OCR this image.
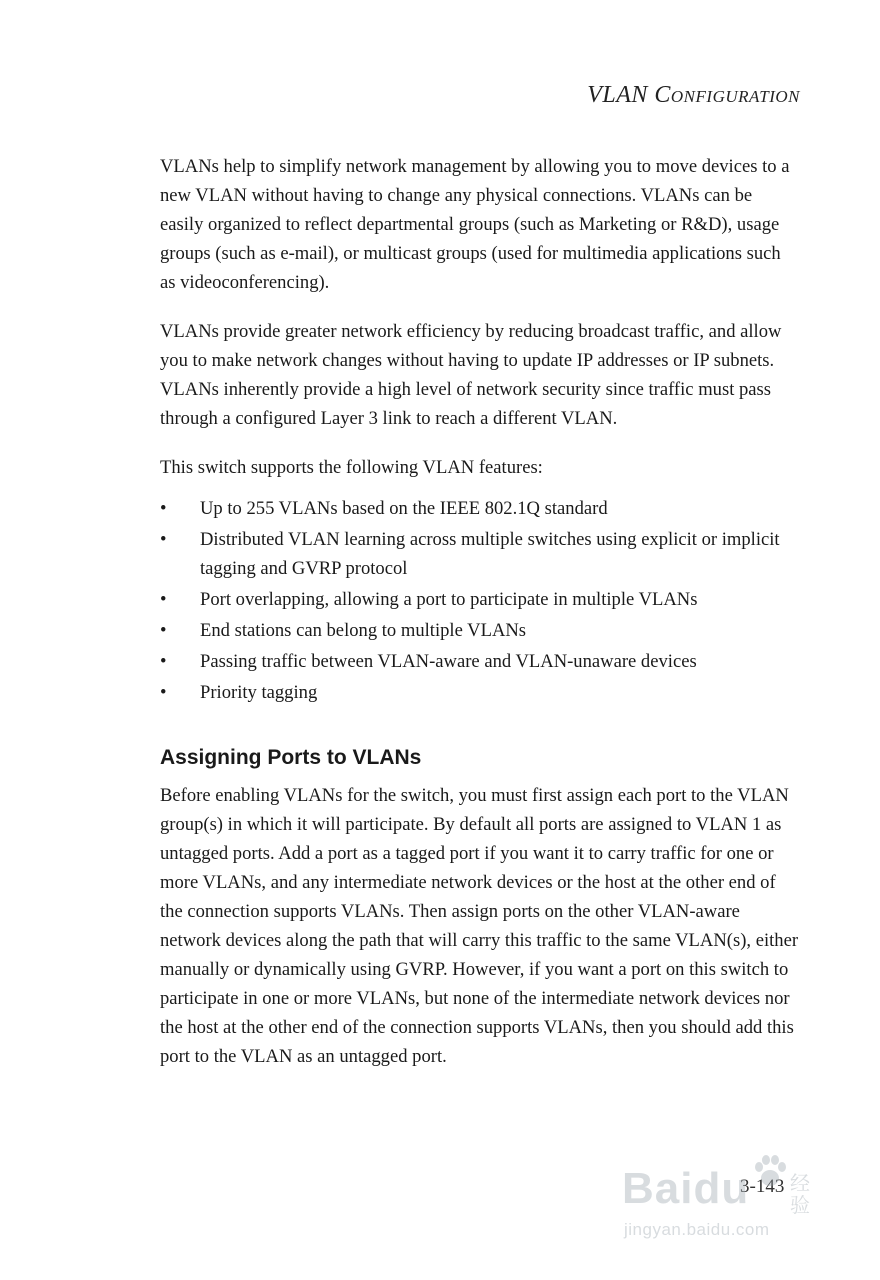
VLAN CONFIGURATION

VLANs help to simplify network management by allowing you to move devices to a new VLAN without having to change any physical connections. VLANs can be easily organized to reflect departmental groups (such as Marketing or R&D), usage groups (such as e-mail), or multicast groups (used for multimedia applications such as videoconferencing).

VLANs provide greater network efficiency by reducing broadcast traffic, and allow you to make network changes without having to update IP addresses or IP subnets. VLANs inherently provide a high level of network security since traffic must pass through a configured Layer 3 link to reach a different VLAN.

This switch supports the following VLAN features:

• Up to 255 VLANs based on the IEEE 802.1Q standard
• Distributed VLAN learning across multiple switches using explicit or implicit tagging and GVRP protocol
• Port overlapping, allowing a port to participate in multiple VLANs
• End stations can belong to multiple VLANs
• Passing traffic between VLAN-aware and VLAN-unaware devices
• Priority tagging
Assigning Ports to VLANs

Before enabling VLANs for the switch, you must first assign each port to the VLAN group(s) in which it will participate. By default all ports are assigned to VLAN 1 as untagged ports. Add a port as a tagged port if you want it to carry traffic for one or more VLANs, and any intermediate network devices or the host at the other end of the connection supports VLANs. Then assign ports on the other VLAN-aware network devices along the path that will carry this traffic to the same VLAN(s), either manually or dynamically using GVRP. However, if you want a port on this switch to participate in one or more VLANs, but none of the intermediate network devices nor the host at the other end of the connection supports VLANs, then you should add this port to the VLAN as an untagged port.

3-143
Baidu 经验
jingyan.baidu.com
